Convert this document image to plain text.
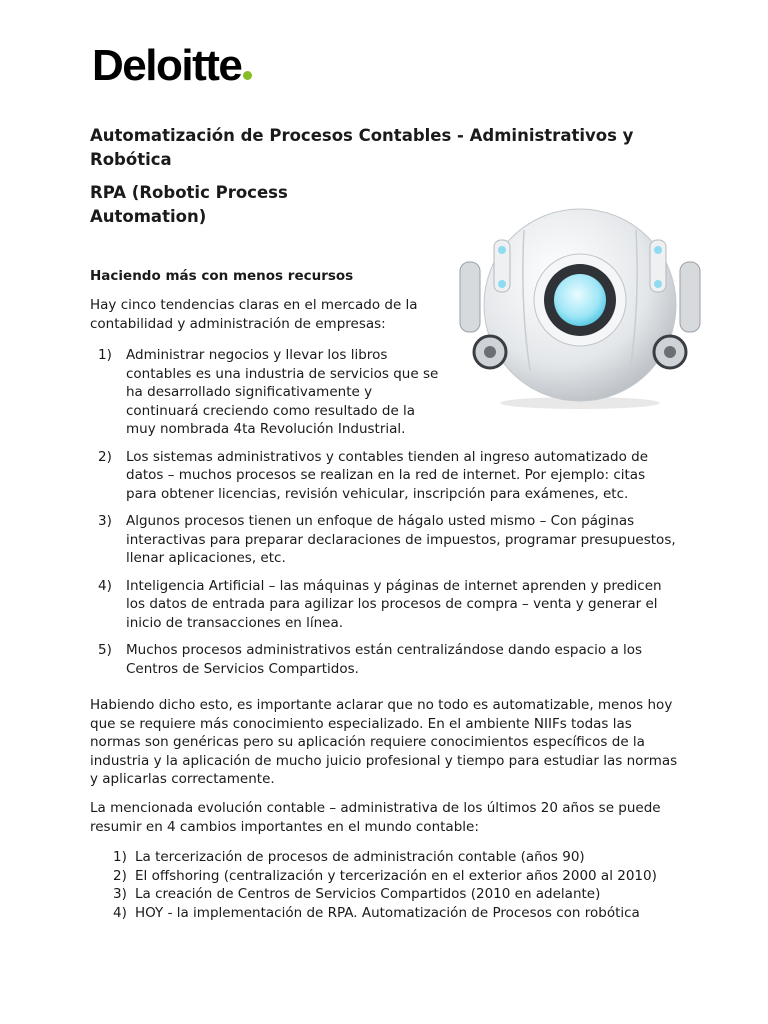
Deloitte
Automatización de Procesos Contables - Administrativos y Robótica
RPA (Robotic Process Automation)
Haciendo más con menos recursos

Hay cinco tendencias claras en el mercado de la contabilidad y administración de empresas:

1) Administrar negocios y llevar los libros contables es una industria de servicios que se ha desarrollado significativamente y continuará creciendo como resultado de la muy nombrada 4ta Revolución Industrial.
2) Los sistemas administrativos y contables tienden al ingreso automatizado de datos – muchos procesos se realizan en la red de internet. Por ejemplo: citas para obtener licencias, revisión vehicular, inscripción para exámenes, etc.
3) Algunos procesos tienen un enfoque de hágalo usted mismo – Con páginas interactivas para preparar declaraciones de impuestos, programar presupuestos, llenar aplicaciones, etc.
4) Inteligencia Artificial – las máquinas y páginas de internet aprenden y predicen los datos de entrada para agilizar los procesos de compra – venta y generar el inicio de transacciones en línea.
5) Muchos procesos administrativos están centralizándose dando espacio a los Centros de Servicios Compartidos.

Habiendo dicho esto, es importante aclarar que no todo es automatizable, menos hoy que se requiere más conocimiento especializado. En el ambiente NIIFs todas las normas son genéricas pero su aplicación requiere conocimientos específicos de la industria y la aplicación de mucho juicio profesional y tiempo para estudiar las normas y aplicarlas correctamente.

La mencionada evolución contable – administrativa de los últimos 20 años se puede resumir en 4 cambios importantes en el mundo contable:

1) La tercerización de procesos de administración contable (años 90)
2) El offshoring (centralización y tercerización en el exterior años 2000 al 2010)
3) La creación de Centros de Servicios Compartidos (2010 en adelante)
4) HOY - la implementación de RPA. Automatización de Procesos con robótica
